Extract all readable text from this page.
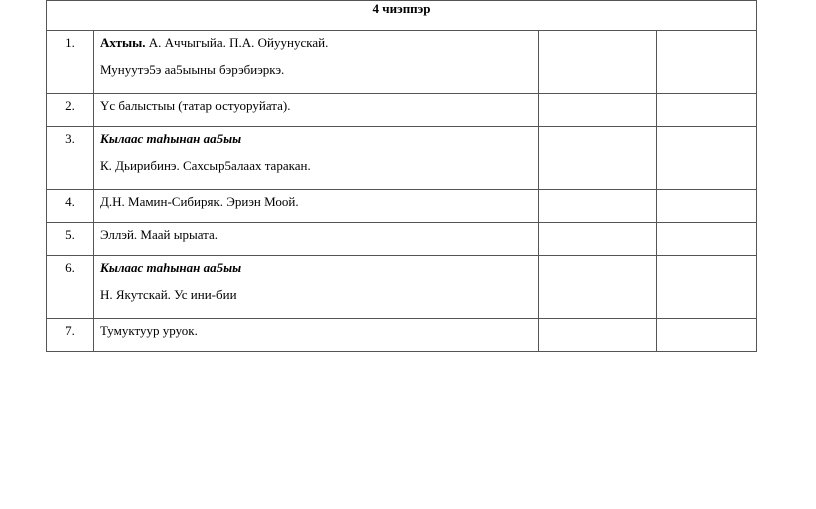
4 чиэппэр			
1.	Ахтыы. А. Аччыгыйа. П.А. Ойуунускай.

Мунуутэ5э аа5ыыны бэрэбиэркэ.		

2.	Үс балыстыы (татар остуоруйата).		

3.	Кылаас таһынан аа5ыы

К. Дьирибинэ. Сахсыр5алаах таракан.		

4.	Д.Н. Мамин-Сибиряк. Эриэн Моой.		

5.	Эллэй. Маай ырыата.		

6.	Кылаас таһынан аа5ыы

Н. Якутскай. Ус ини-бии		

7.	Тумуктуур уруок.		
